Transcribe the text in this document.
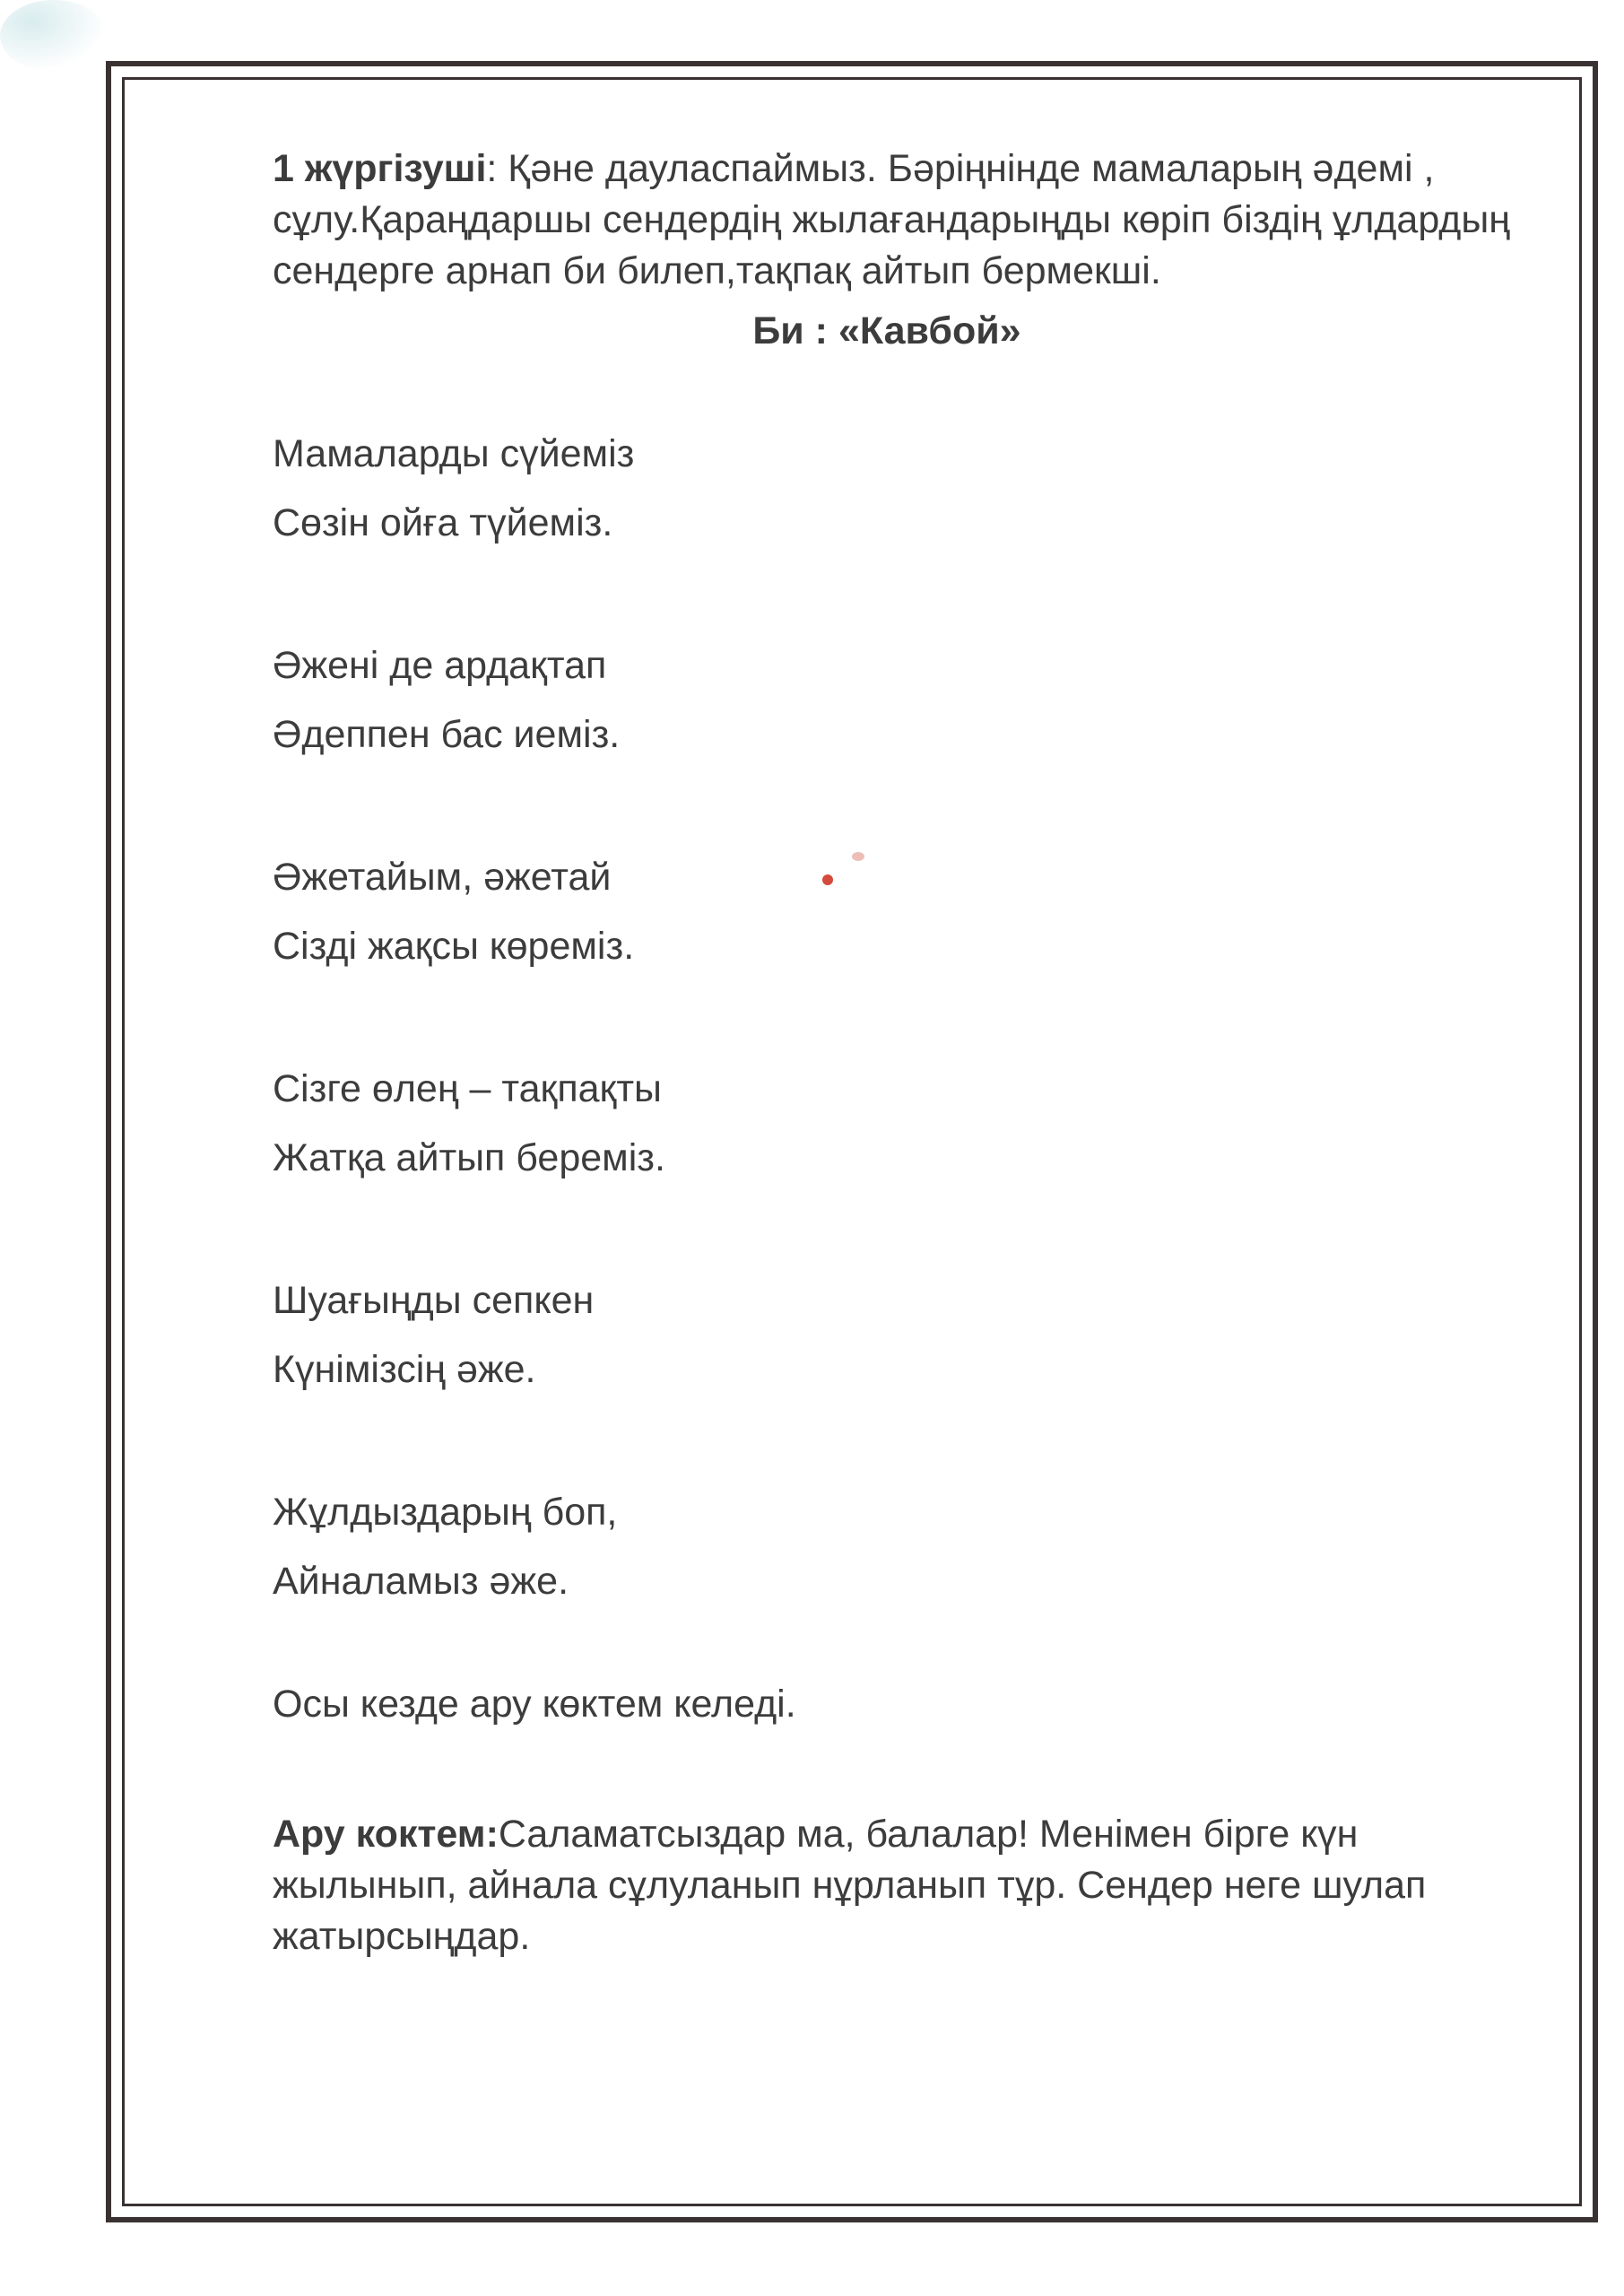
1 жүргізуші: Қәне дауласпаймыз. Бәріңнінде мамаларың әдемі , сұлу.Қараңдаршы сендердің жылағандарыңды көріп біздің ұлдардың сендерге арнап би билеп,тақпақ айтып бермекші.

Би : «Кавбой»
Мамаларды сүйеміз
Сөзін ойға түйеміз.
Әжені де ардақтап
Әдеппен бас иеміз.
Әжетайым, әжетай
Сізді жақсы көреміз.
Сізге өлең – тақпақты
Жатқа айтып береміз.
Шуағыңды сепкен
Күнімізсің әже.
Жұлдыздарың боп,
Айналамыз әже.

Осы кезде ару көктем келеді.

Ару коктем:Саламатсыздар ма, балалар! Менімен бірге күн жылынып, айнала сұлуланып нұрланып тұр. Сендер неге шулап жатырсыңдар.
